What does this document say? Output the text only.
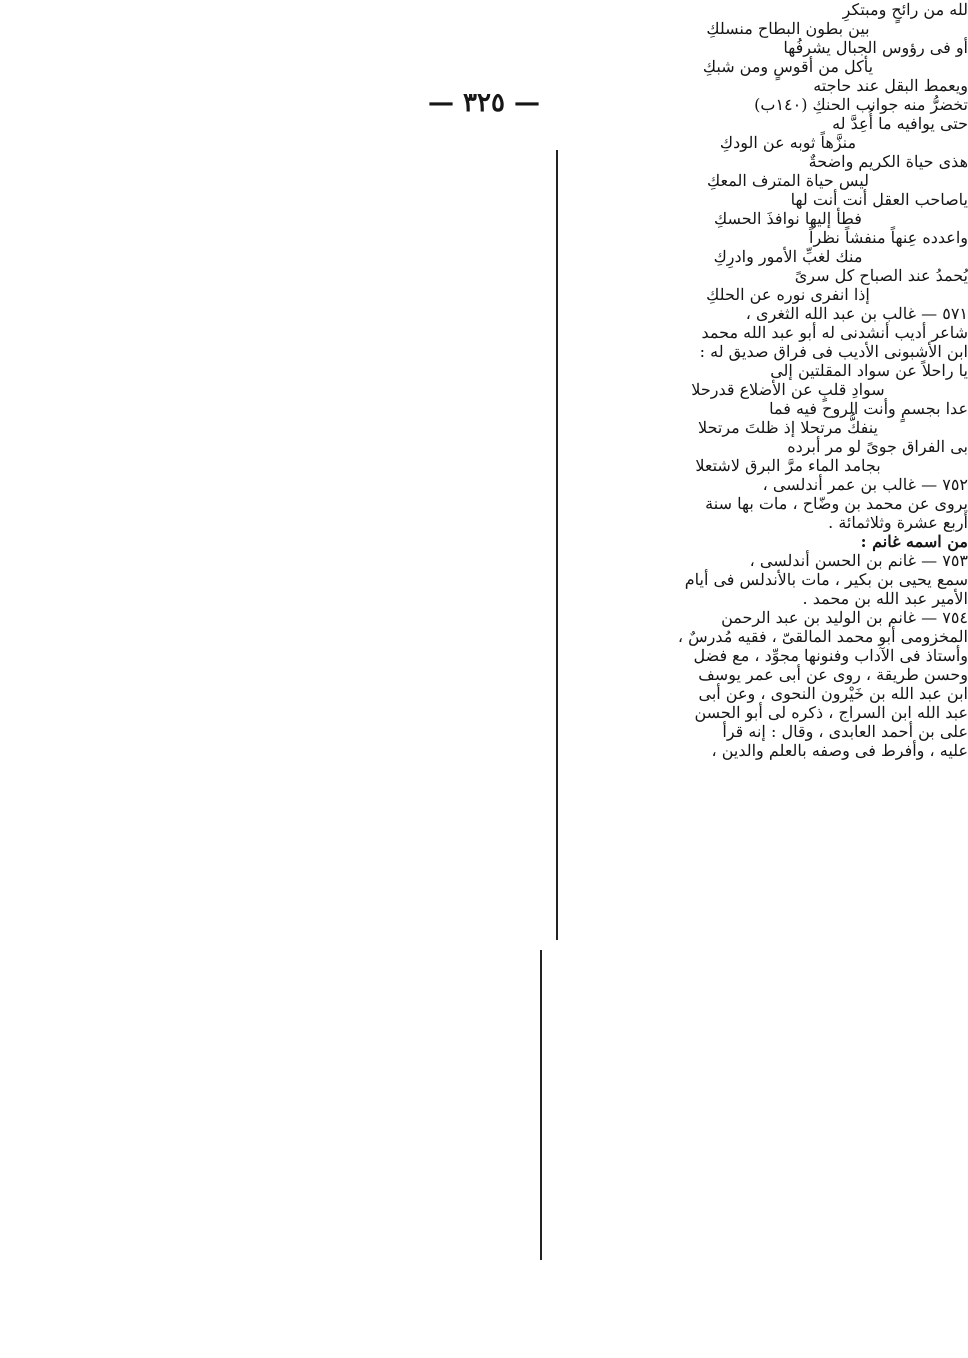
— ٣٢٥ —
لله من رائحٍ ومبتكرِ
بين بطون البطاح منسلكِ
أو فى رؤوس الجبال يشرفُها
يأكل من أقوسٍ ومن شبكِ
ويعمط البقل عند حاجته
تخضرُّ منه جوانب الحنكِ (١٤٠ب)
حتى يوافيه ما أُعِدَّ له
منزَّهاً ثوبه عن الودكِ
هذى حياة الكريم واضحةٌ
ليس حياة المترف المعكِ
ياصاحب العقل أنت أنت لها
فطأ إليها نوافذَ الحسكِ
واعدده عِنهاً منفشاً نظراً
منك لغبِّ الأمور وادرِكِ
يُحمدُ عند الصباح كل سرىً
إذا انفرى نوره عن الحلكِ
٥٧١ — غالب بن عبد الله الثغرى ،
شاعر أديب أنشدنى له أبو عبد الله محمد
ابن الأشبونى الأديب فى فراق صديق له :
يا راحلاً عن سواد المقلتين إلى
سوادِ قلبٍ عن الأضلاع قدرحلا
عدا بجسمٍ وأنت الروح فيه فما
ينفكُّ مرتحلا إذ ظلتَ مرتحلا
بى الفراق جوىً لو مر أبرده
بجامد الماء مرَّ البرق لاشتعلا
٧٥٢ — غالب بن عمر أندلسى ،
يروى عن محمد بن وضّاح ، مات بها سنة
أربع عشرة وثلاثمائة .
من اسمه غانم :
٧٥٣ — غانم بن الحسن أندلسى ،
سمع يحيى بن بكير ، مات بالأندلس فى أيام
الأمير عبد الله بن محمد .
٧٥٤ — غانم بن الوليد بن عبد الرحمن
المخزومى أبو محمد المالقىّ ، فقيه مُدرسٌ ،
وأستاذ فى الآداب وفنونها مجوِّد ، مع فضل
وحسن طريقة ، روى عن أبى عمر يوسف
ابن عبد الله بن خَيْرون النحوى ، وعن أبى
عبد الله ابن السراج ، ذكره لى أبو الحسن
على بن أحمد العابدى ، وقال : إنه قرأ
عليه ، وأفرط فى وصفه بالعلم والدين ،
